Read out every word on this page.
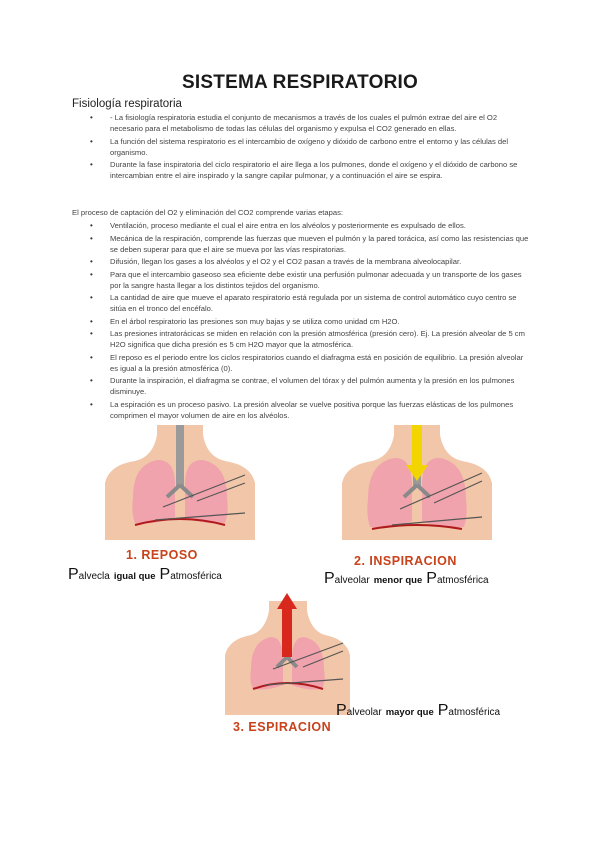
SISTEMA RESPIRATORIO
Fisiología respiratoria
• - La fisiología respiratoria estudia el conjunto de mecanismos a través de los cuales el pulmón extrae del aire el O2 necesario para el metabolismo de todas las células del organismo y expulsa el CO2 generado en ellas.
• La función del sistema respiratorio es el intercambio de oxígeno y dióxido de carbono entre el entorno y las células del organismo.
• Durante la fase inspiratoria del ciclo respiratorio el aire llega a los pulmones, donde el oxígeno y el dióxido de carbono se intercambian entre el aire inspirado y la sangre capilar pulmonar, y a continuación el aire se espira.
El proceso de captación del O2 y eliminación del CO2 comprende varias etapas:
• Ventilación, proceso mediante el cual el aire entra en los alvéolos y posteriormente es expulsado de ellos.
• Mecánica de la respiración, comprende las fuerzas que mueven el pulmón y la pared torácica, así como las resistencias que se deben superar para que el aire se mueva por las vías respiratorias.
• Difusión, llegan los gases a los alvéolos y el O2 y el CO2 pasan a través de la membrana alveolocapilar.
• Para que el intercambio gaseoso sea eficiente debe existir una perfusión pulmonar adecuada y un transporte de los gases por la sangre hasta llegar a los distintos tejidos del organismo.
• La cantidad de aire que mueve el aparato respiratorio está regulada por un sistema de control automático cuyo centro se sitúa en el tronco del encéfalo.
• En el árbol respiratorio las presiones son muy bajas y se utiliza como unidad cm H2O.
• Las presiones intratorácicas se miden en relación con la presión atmosférica (presión cero). Ej. La presión alveolar de 5 cm H2O significa que dicha presión es 5 cm H2O mayor que la atmosférica.
• El reposo es el periodo entre los ciclos respiratorios cuando el diafragma está en posición de equilibrio. La presión alveolar es igual a la presión atmosférica (0).
• Durante la inspiración, el diafragma se contrae, el volumen del tórax y del pulmón aumenta y la presión en los pulmones disminuye.
• La espiración es un proceso pasivo. La presión alveolar se vuelve positiva porque las fuerzas elásticas de los pulmones comprimen el mayor volumen de aire en los alvéolos.
1. REPOSO
Palvecla igual que Patmosférica
2. INSPIRACION
Palveolar menor que Patmosférica
3. ESPIRACION
Palveolar mayor que Patmosférica
